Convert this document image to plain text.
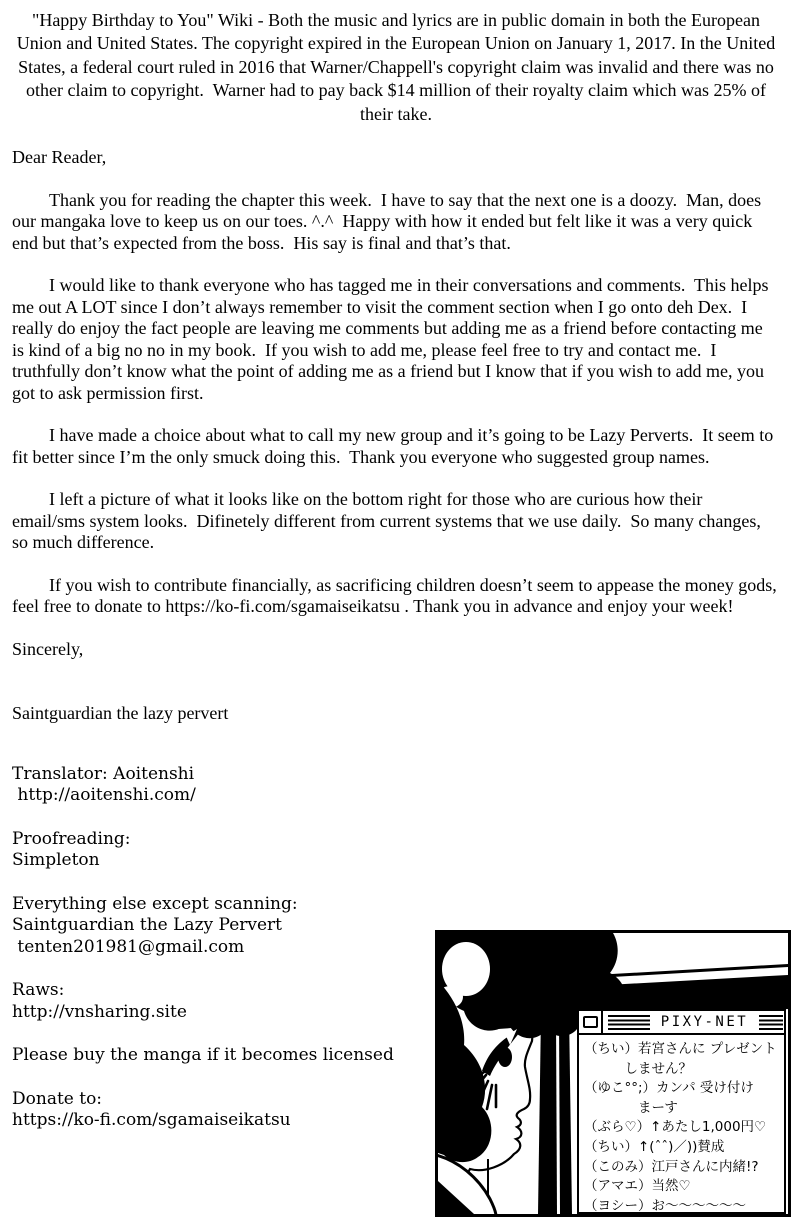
"Happy Birthday to You" Wiki - Both the music and lyrics are in public domain in both the European Union and United States. The copyright expired in the European Union on January 1, 2017. In the United States, a federal court ruled in 2016 that Warner/Chappell's copyright claim was invalid and there was no other claim to copyright.  Warner had to pay back $14 million of their royalty claim which was 25% of their take.
Dear Reader,

Thank you for reading the chapter this week.  I have to say that the next one is a doozy.  Man, does our mangaka love to keep us on our toes. ^.^  Happy with how it ended but felt like it was a very quick end but that’s expected from the boss.  His say is final and that’s that.

I would like to thank everyone who has tagged me in their conversations and comments.  This helps me out A LOT since I don’t always remember to visit the comment section when I go onto deh Dex.  I really do enjoy the fact people are leaving me comments but adding me as a friend before contacting me is kind of a big no no in my book.  If you wish to add me, please feel free to try and contact me.  I truthfully don’t know what the point of adding me as a friend but I know that if you wish to add me, you got to ask permission first.

I have made a choice about what to call my new group and it’s going to be Lazy Perverts.  It seem to fit better since I’m the only smuck doing this.  Thank you everyone who suggested group names.

I left a picture of what it looks like on the bottom right for those who are curious how their email/sms system looks.  Difinetely different from current systems that we use daily.  So many changes, so much difference.

If you wish to contribute financially, as sacrificing children doesn’t seem to appease the money gods, feel free to donate to https://ko-fi.com/sgamaiseikatsu . Thank you in advance and enjoy your week!

Sincerely,
Saintguardian the lazy pervert
Translator: Aoitenshi
http://aoitenshi.com/
Proofreading:
Simpleton
Everything else except scanning:
Saintguardian the Lazy Pervert
tenten201981@gmail.com
Raws:
http://vnsharing.site
Please buy the manga if it becomes licensed
Donate to:
https://ko-fi.com/sgamaiseikatsu
PIXY-NET
（ちい）若宮さんに プレゼント
　　　しません？
（ゆこ°°;）カンパ 受け付け
　　　　まーす
（ぶら♡）↑あたし1,000円♡
（ちい）↑(ˆˆ)／))賛成
（このみ）江戸さんに内緒!?
（アマエ）当然♡
（ヨシー）お～～～～～～
